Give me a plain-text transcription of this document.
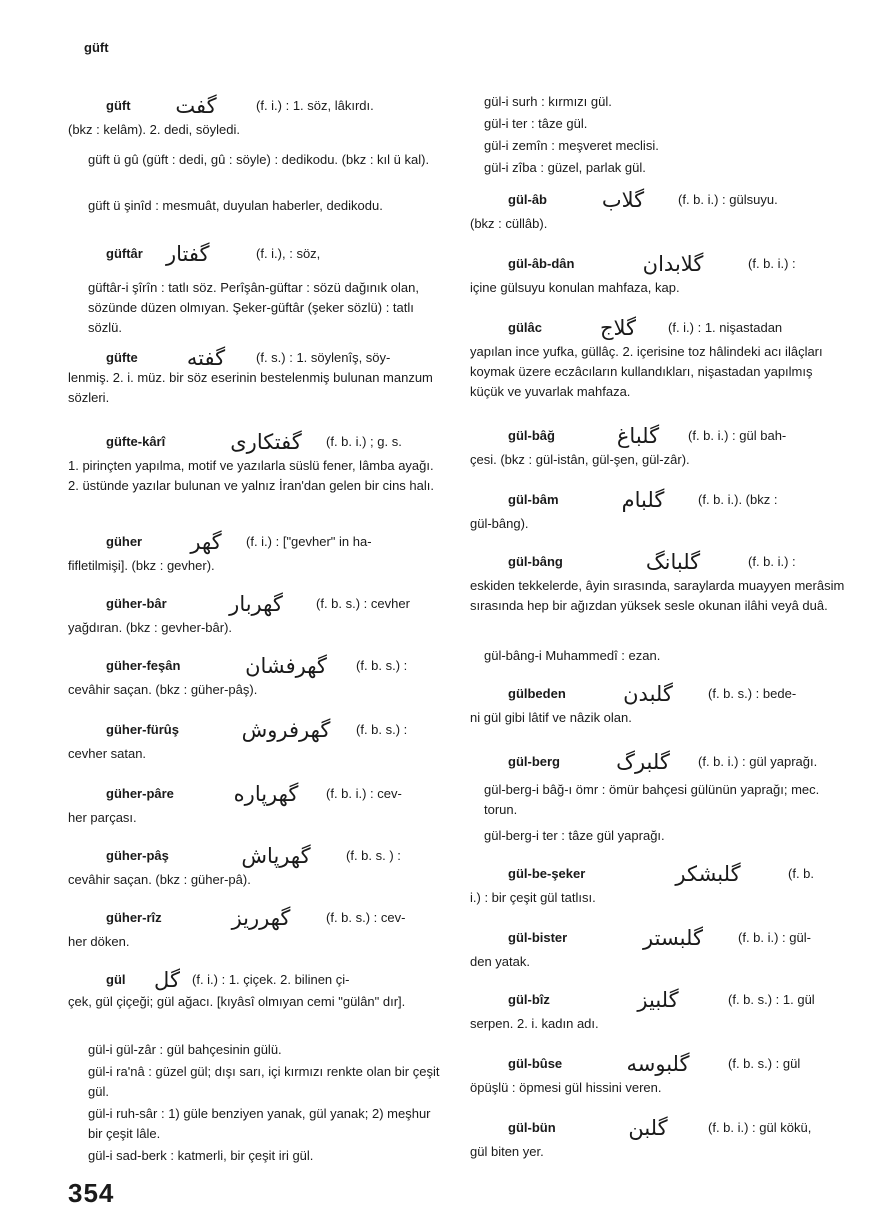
güft
güft	گفت	(f. i.) : 1. söz, lâkırdı.
(bkz : kelâm). 2. dedi, söyledi.
güft ü gû (güft : dedi, gû : söyle) : dedikodu. (bkz : kıl ü kal).
güft ü şinîd : mesmuât, duyulan haberler, dedikodu.
güftâr	گفتار	(f. i.), : söz,
güftâr-i şîrîn : tatlı söz. Perîşân-güftar : sözü dağınık olan, sözünde düzen olmıyan. Şeker-güftâr (şeker sözlü) : tatlı sözlü.
güfte	گفته	(f. s.) : 1. söylenîş, söy-
lenmiş. 2. i. müz. bir söz eserinin bestelenmiş bulunan manzum sözleri.
güfte-kârî	گفتکاری	(f. b. i.) ; g. s.
1. pirinçten yapılma, motif ve yazılarla süslü fener, lâmba ayağı. 2. üstünde yazılar bulunan ve yalnız İran'dan gelen bir cins halı.
güher	گهر	(f. i.) : ["gevher" in ha-
fifletilmişi]. (bkz : gevher).
güher-bâr	گهربار	(f. b. s.) : cevher
yağdıran. (bkz : gevher-bâr).
güher-feşân	گهرفشان	(f. b. s.) :
cevâhir saçan. (bkz : güher-pâş).
güher-fürûş	گهرفروش	(f. b. s.) :
cevher satan.
güher-pâre	گهرپاره	(f. b. i.) : cev-
her parçası.
güher-pâş	گهرپاش	(f. b. s. ) :
cevâhir saçan. (bkz : güher-pâ).
güher-rîz	گهرریز	(f. b. s.) : cev-
her döken.
gül	گل (f. i.) : 1. çiçek. 2. bilinen çi-
çek, gül çiçeği; gül ağacı. [kıyâsî olmıyan cemi "gülân" dır].
gül-i gül-zâr : gül bahçesinin gülü.
gül-i ra'nâ : güzel gül; dışı sarı, içi kırmızı renkte olan bir çeşit gül.
gül-i ruh-sâr : 1) güle benziyen yanak, gül yanak; 2) meşhur bir çeşit lâle.
gül-i sad-berk : katmerli, bir çeşit iri gül.
gül-i surh : kırmızı gül.
gül-i ter : tâze gül.
gül-i zemîn : meşveret meclisi.
gül-i zîba : güzel, parlak gül.
gül-âb	گلاب	(f. b. i.) : gülsuyu.
(bkz : cüllâb).
gül-âb-dân	گلابدان	(f. b. i.) :
içine gülsuyu konulan mahfaza, kap.
gülâc	گلاج	(f. i.) : 1. nişastadan
yapılan ince yufka, güllâç. 2. içerisine toz hâlindeki acı ilâçları koymak üzere eczâcıların kullandıkları, nişastadan yapılmış küçük ve yuvarlak mahfaza.
gül-bâğ	گلباغ	(f. b. i.) : gül bah-
çesi. (bkz : gül-istân, gül-şen, gül-zâr).
gül-bâm	گلبام	(f. b. i.). (bkz :
gül-bâng).
gül-bâng	گلبانگ	(f. b. i.) :
eskiden tekkelerde, âyin sırasında, saraylarda muayyen merâsim sırasında hep bir ağızdan yüksek sesle okunan ilâhi veyâ duâ.
gül-bâng-i Muhammedî : ezan.
gülbeden	گلبدن	(f. b. s.) : bede-
ni gül gibi lâtif ve nâzik olan.
gül-berg	گلبرگ	(f. b. i.) : gül yaprağı.
gül-berg-i bâğ-ı ömr : ömür bahçesi gülünün yaprağı; mec. torun.
gül-berg-i ter : tâze gül yaprağı.
gül-be-şeker	گلبشکر	(f. b.
i.) : bir çeşit gül tatlısı.
gül-bister	گلبستر	(f. b. i.) : gül-
den yatak.
gül-bîz	گلبیز	(f. b. s.) : 1. gül
serpen. 2. i. kadın adı.
gül-bûse	گلبوسه	(f. b. s.) : gül
öpüşlü : öpmesi gül hissini veren.
gül-bün	گلبن	(f. b. i.) : gül kökü,
gül biten yer.
354
